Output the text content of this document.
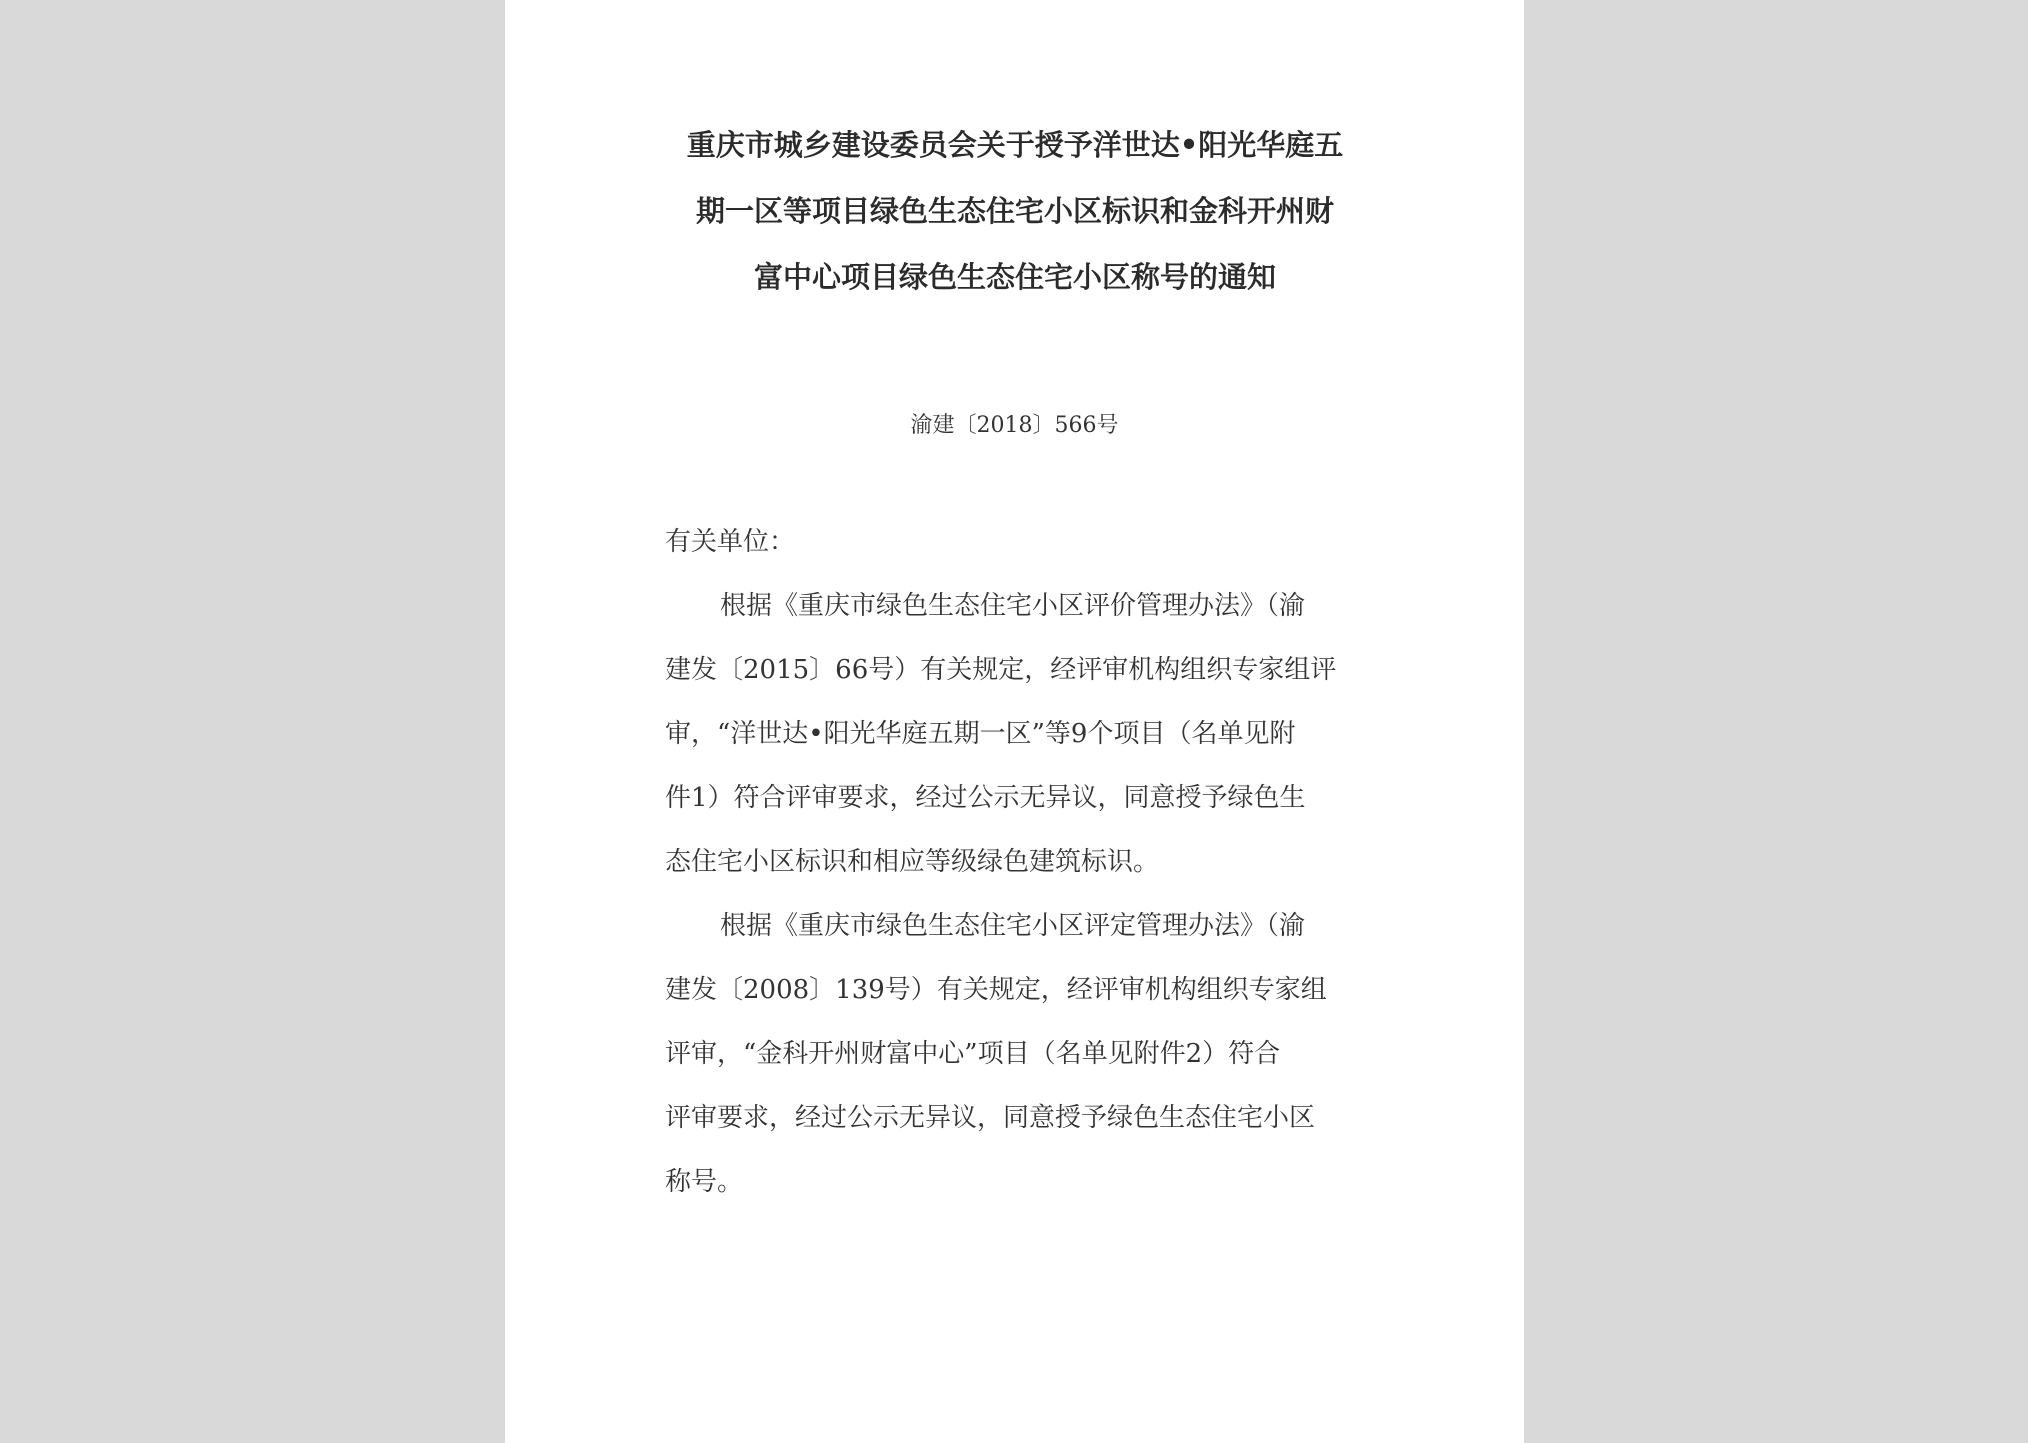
重庆市城乡建设委员会关于授予洋世达•阳光华庭五
期一区等项目绿色生态住宅小区标识和金科开州财
富中心项目绿色生态住宅小区称号的通知
渝建〔2018〕566号
有关单位：
根据《重庆市绿色生态住宅小区评价管理办法》（渝
建发〔2015〕66号）有关规定，经评审机构组织专家组评
审，“洋世达•阳光华庭五期一区”等9个项目（名单见附
件1）符合评审要求，经过公示无异议，同意授予绿色生
态住宅小区标识和相应等级绿色建筑标识。
根据《重庆市绿色生态住宅小区评定管理办法》（渝
建发〔2008〕139号）有关规定，经评审机构组织专家组
评审，“金科开州财富中心”项目（名单见附件2）符合
评审要求，经过公示无异议，同意授予绿色生态住宅小区
称号。
